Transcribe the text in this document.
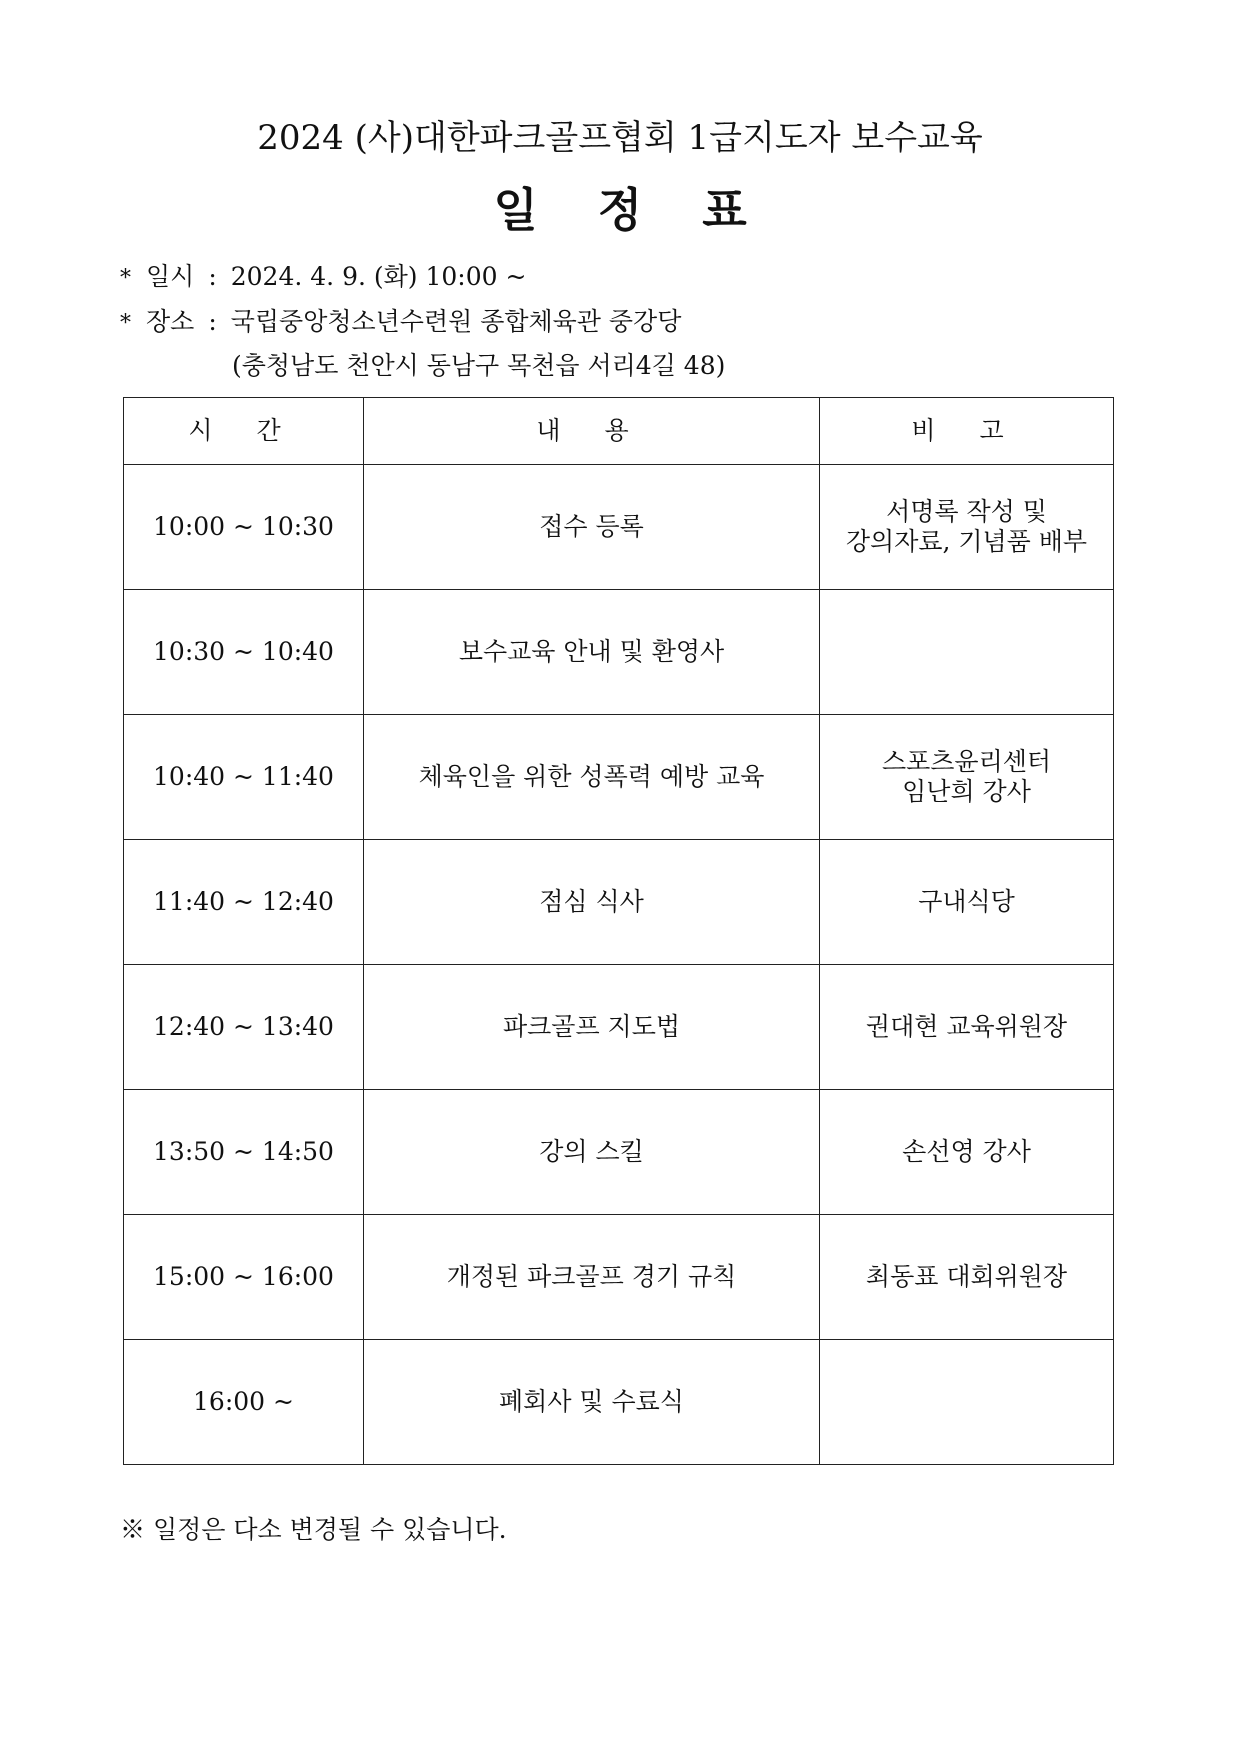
2024 (사)대한파크골프협회 1급지도자 보수교육
일 정 표
* 일시 : 2024. 4. 9. (화) 10:00 ~
* 장소 : 국립중앙청소년수련원 종합체육관 중강당
(충청남도 천안시 동남구 목천읍 서리4길 48)
시 간	내 용	비 고
10:00 ~ 10:30	접수 등록	서명록 작성 및
강의자료, 기념품 배부

10:30 ~ 10:40	보수교육 안내 및 환영사	
10:40 ~ 11:40	체육인을 위한 성폭력 예방 교육	스포츠윤리센터
임난희 강사

11:40 ~ 12:40	점심 식사	구내식당

12:40 ~ 13:40	파크골프 지도법	권대현 교육위원장

13:50 ~ 14:50	강의 스킬	손선영 강사

15:00 ~ 16:00	개정된 파크골프 경기 규칙	최동표 대회위원장

16:00 ~	폐회사 및 수료식	
※ 일정은 다소 변경될 수 있습니다.
